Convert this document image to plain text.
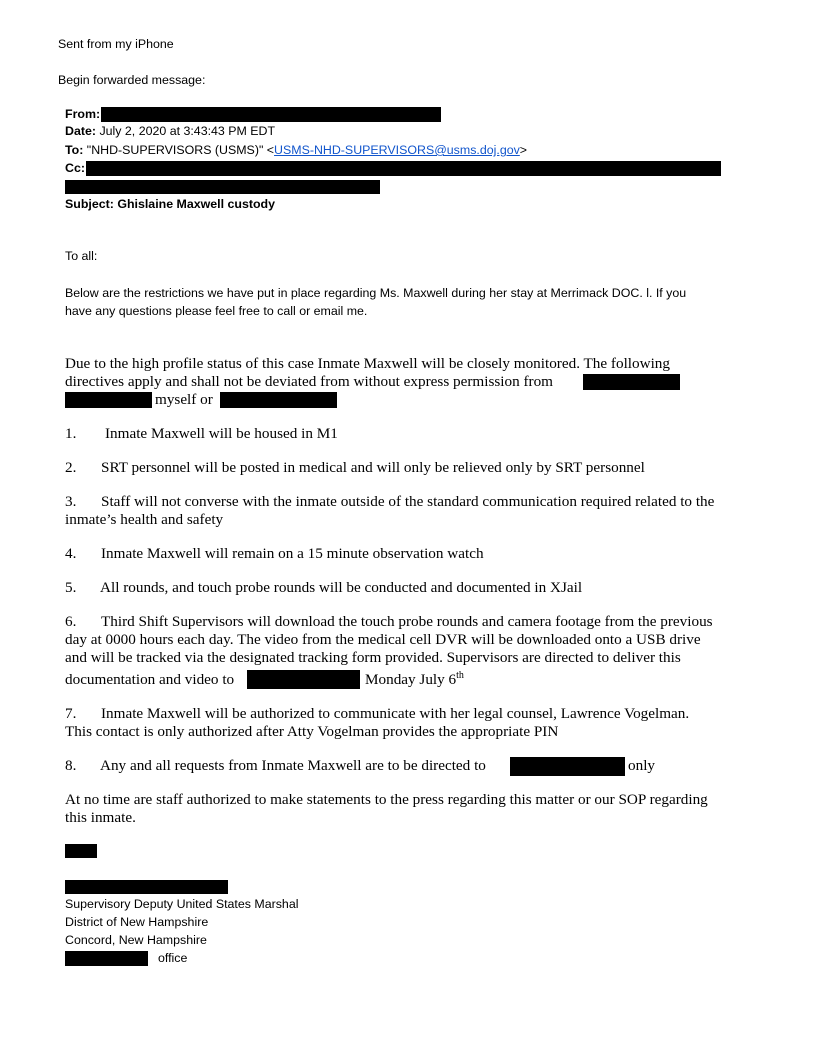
Sent from my iPhone
Begin forwarded message:
From:
Date: July 2, 2020 at 3:43:43 PM EDT
To: "NHD-SUPERVISORS (USMS)" <USMS-NHD-SUPERVISORS@usms.doj.gov>
Cc:
Subject: Ghislaine Maxwell custody
To all:
Below are the restrictions we have put in place regarding Ms. Maxwell during her stay at Merrimack DOC. l. If you
have any questions please feel free to call or email me.
Due to the high profile status of this case Inmate Maxwell will be closely monitored. The following
directives apply and shall not be deviated from without express permission from
myself or
1. Inmate Maxwell will be housed in M1
2. SRT personnel will be posted in medical and will only be relieved only by SRT personnel
3. Staff will not converse with the inmate outside of the standard communication required related to the
inmate’s health and safety
4. Inmate Maxwell will remain on a 15 minute observation watch
5. All rounds, and touch probe rounds will be conducted and documented in XJail
6. Third Shift Supervisors will download the touch probe rounds and camera footage from the previous
day at 0000 hours each day. The video from the medical cell DVR will be downloaded onto a USB drive
and will be tracked via the designated tracking form provided. Supervisors are directed to deliver this
documentation and video to	Monday July 6th
7. Inmate Maxwell will be authorized to communicate with her legal counsel, Lawrence Vogelman.
This contact is only authorized after Atty Vogelman provides the appropriate PIN
8. Any and all requests from Inmate Maxwell are to be directed to	only
At no time are staff authorized to make statements to the press regarding this matter or our SOP regarding
this inmate.
Supervisory Deputy United States Marshal
District of New Hampshire
Concord, New Hampshire
office
